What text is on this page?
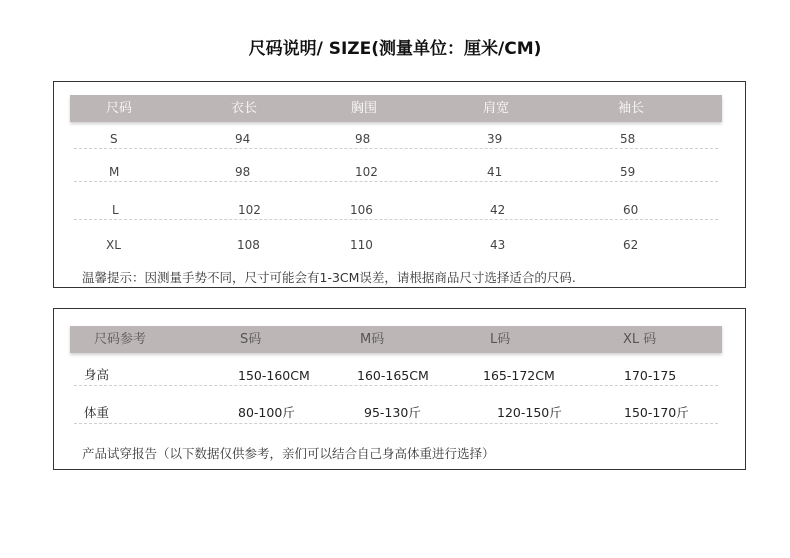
尺码说明/ SIZE(测量单位：厘米/CM)
尺码	衣长	胸围	肩宽	袖长
S	94	98	39	58
M	98	102	41	59
L	102	106	42	60
XL	108	110	43	62
温馨提示：因测量手势不同，尺寸可能会有1-3CM误差，请根据商品尺寸选择适合的尺码.
尺码参考	S码	M码	L码	XL 码
身高	150-160CM	160-165CM	165-172CM	170-175
体重	80-100斤	95-130斤	120-150斤	150-170斤
产品试穿报告（以下数据仅供参考，亲们可以结合自己身高体重进行选择）
